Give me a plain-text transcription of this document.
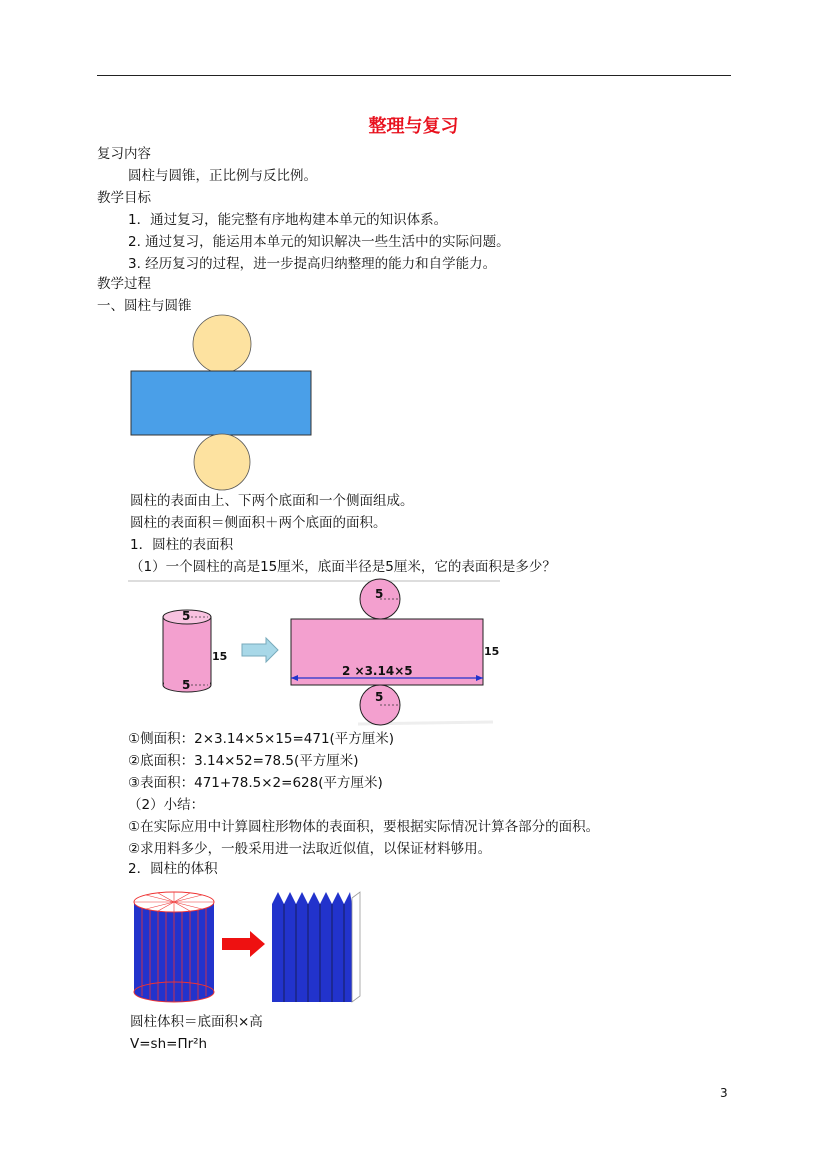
整理与复习
复习内容
圆柱与圆锥，正比例与反比例。
教学目标
1．通过复习，能完整有序地构建本单元的知识体系。
2. 通过复习，能运用本单元的知识解决一些生活中的实际问题。
3. 经历复习的过程，进一步提高归纳整理的能力和自学能力。
教学过程
一、圆柱与圆锥
圆柱的表面由上、下两个底面和一个侧面组成。
圆柱的表面积＝侧面积＋两个底面的面积。
1．圆柱的表面积
（1）一个圆柱的高是15厘米，底面半径是5厘米，它的表面积是多少？
5
5
15
5
2 ×3.14×5
15
5
①侧面积：2×3.14×5×15=471(平方厘米)
②底面积：3.14×52=78.5(平方厘米)
③表面积：471+78.5×2=628(平方厘米)
（2）小结：
①在实际应用中计算圆柱形物体的表面积，要根据实际情况计算各部分的面积。
②求用料多少，一般采用进一法取近似值，以保证材料够用。
2．圆柱的体积
圆柱体积＝底面积×高
V=sh=Πr²h
3
